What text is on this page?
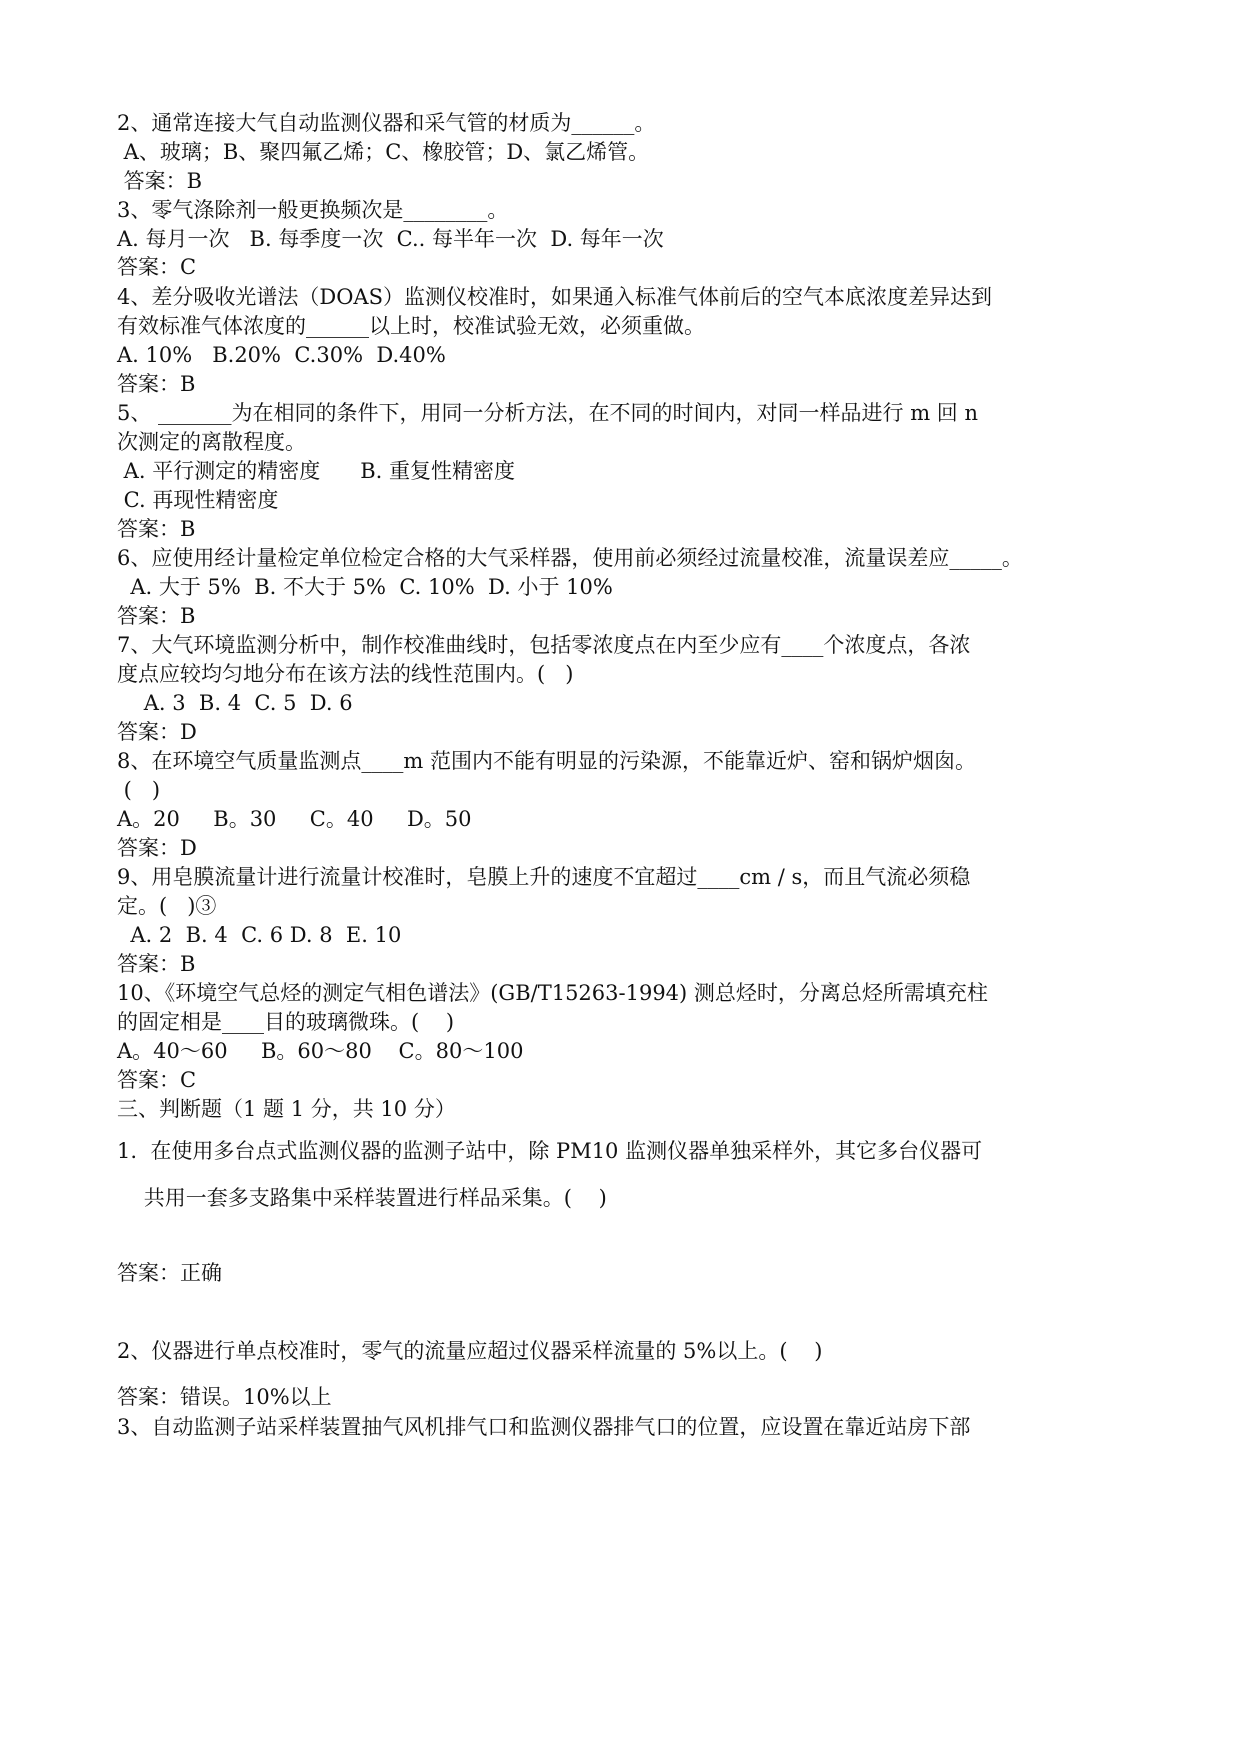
2、通常连接大气自动监测仪器和采气管的材质为______。
A、玻璃；B、聚四氟乙烯；C、橡胶管；D、氯乙烯管。
答案：B
3、零气涤除剂一般更换频次是________。
A. 每月一次   B. 每季度一次  C.. 每半年一次  D. 每年一次
答案：C
4、差分吸收光谱法（DOAS）监测仪校准时，如果通入标准气体前后的空气本底浓度差异达到
有效标准气体浓度的______以上时，校准试验无效，必须重做。
A. 10%   B.20%  C.30%  D.40%
答案：B
5、 _______为在相同的条件下，用同一分析方法，在不同的时间内，对同一样品进行 m 回 n
次测定的离散程度。
A. 平行测定的精密度      B. 重复性精密度
C. 再现性精密度
答案：B
6、应使用经计量检定单位检定合格的大气采样器，使用前必须经过流量校准，流量误差应_____。
A. 大于 5%  B. 不大于 5%  C. 10%  D. 小于 10%
答案：B
7、大气环境监测分析中，制作校准曲线时，包括零浓度点在内至少应有____个浓度点，各浓
度点应较均匀地分布在该方法的线性范围内。(   )
A. 3  B. 4  C. 5  D. 6
答案：D
8、在环境空气质量监测点____m 范围内不能有明显的污染源，不能靠近炉、窑和锅炉烟囱。
(   )
A。20     B。30     C。40     D。50
答案：D
9、用皂膜流量计进行流量计校准时，皂膜上升的速度不宜超过____cm / s，而且气流必须稳
定。(   )③
A. 2  B. 4  C. 6 D. 8  E. 10
答案：B
10、《环境空气总烃的测定气相色谱法》(GB/T15263-1994) 测总烃时，分离总烃所需填充柱
的固定相是____目的玻璃微珠。(    )
A。40～60     B。60～80    C。80～100
答案：C
三、判断题（1 题 1 分，共 10 分）
1.  在使用多台点式监测仪器的监测子站中，除 PM10 监测仪器单独采样外，其它多台仪器可
共用一套多支路集中采样装置进行样品采集。(    )
答案：正确
2、仪器进行单点校准时，零气的流量应超过仪器采样流量的 5%以上。(    )
答案：错误。10%以上
3、自动监测子站采样装置抽气风机排气口和监测仪器排气口的位置，应设置在靠近站房下部
